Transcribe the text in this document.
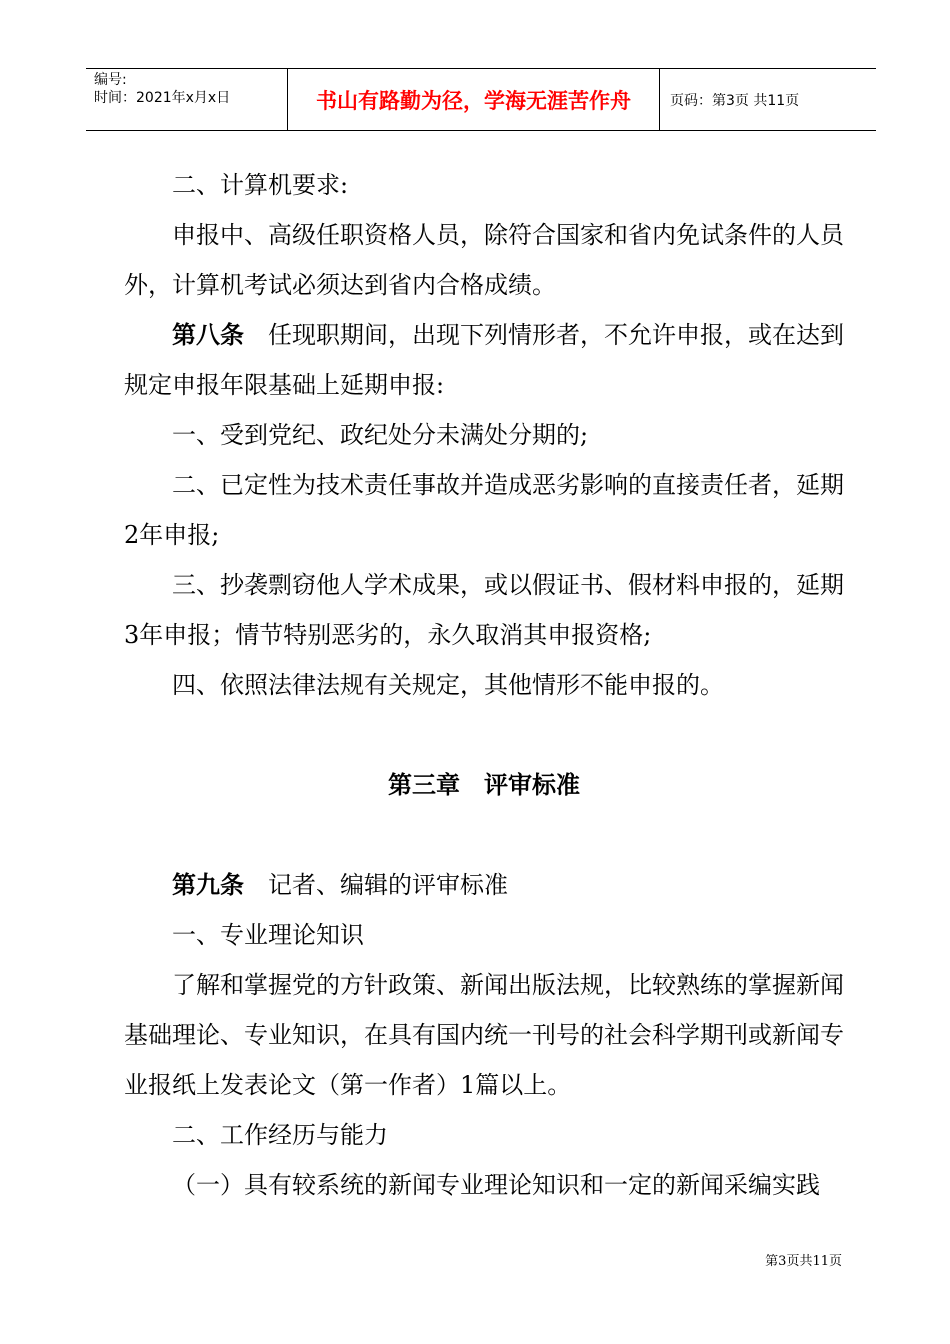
编号:
时间：2021年x月x日	书山有路勤为径，学海无涯苦作舟	页码：第3页 共11页

二、计算机要求:

申报中、高级任职资格人员，除符合国家和省内免试条件的人员外，计算机考试必须达到省内合格成绩。

第八条　任现职期间，出现下列情形者，不允许申报，或在达到规定申报年限基础上延期申报:

一、受到党纪、政纪处分未满处分期的;

二、已定性为技术责任事故并造成恶劣影响的直接责任者，延期2年申报;

三、抄袭剽窃他人学术成果，或以假证书、假材料申报的，延期3年申报；情节特别恶劣的，永久取消其申报资格;

四、依照法律法规有关规定，其他情形不能申报的。

第三章　评审标准

第九条　记者、编辑的评审标准

一、专业理论知识

了解和掌握党的方针政策、新闻出版法规，比较熟练的掌握新闻基础理论、专业知识，在具有国内统一刊号的社会科学期刊或新闻专业报纸上发表论文（第一作者）1篇以上。

二、工作经历与能力

（一）具有较系统的新闻专业理论知识和一定的新闻采编实践

第3页共11页
